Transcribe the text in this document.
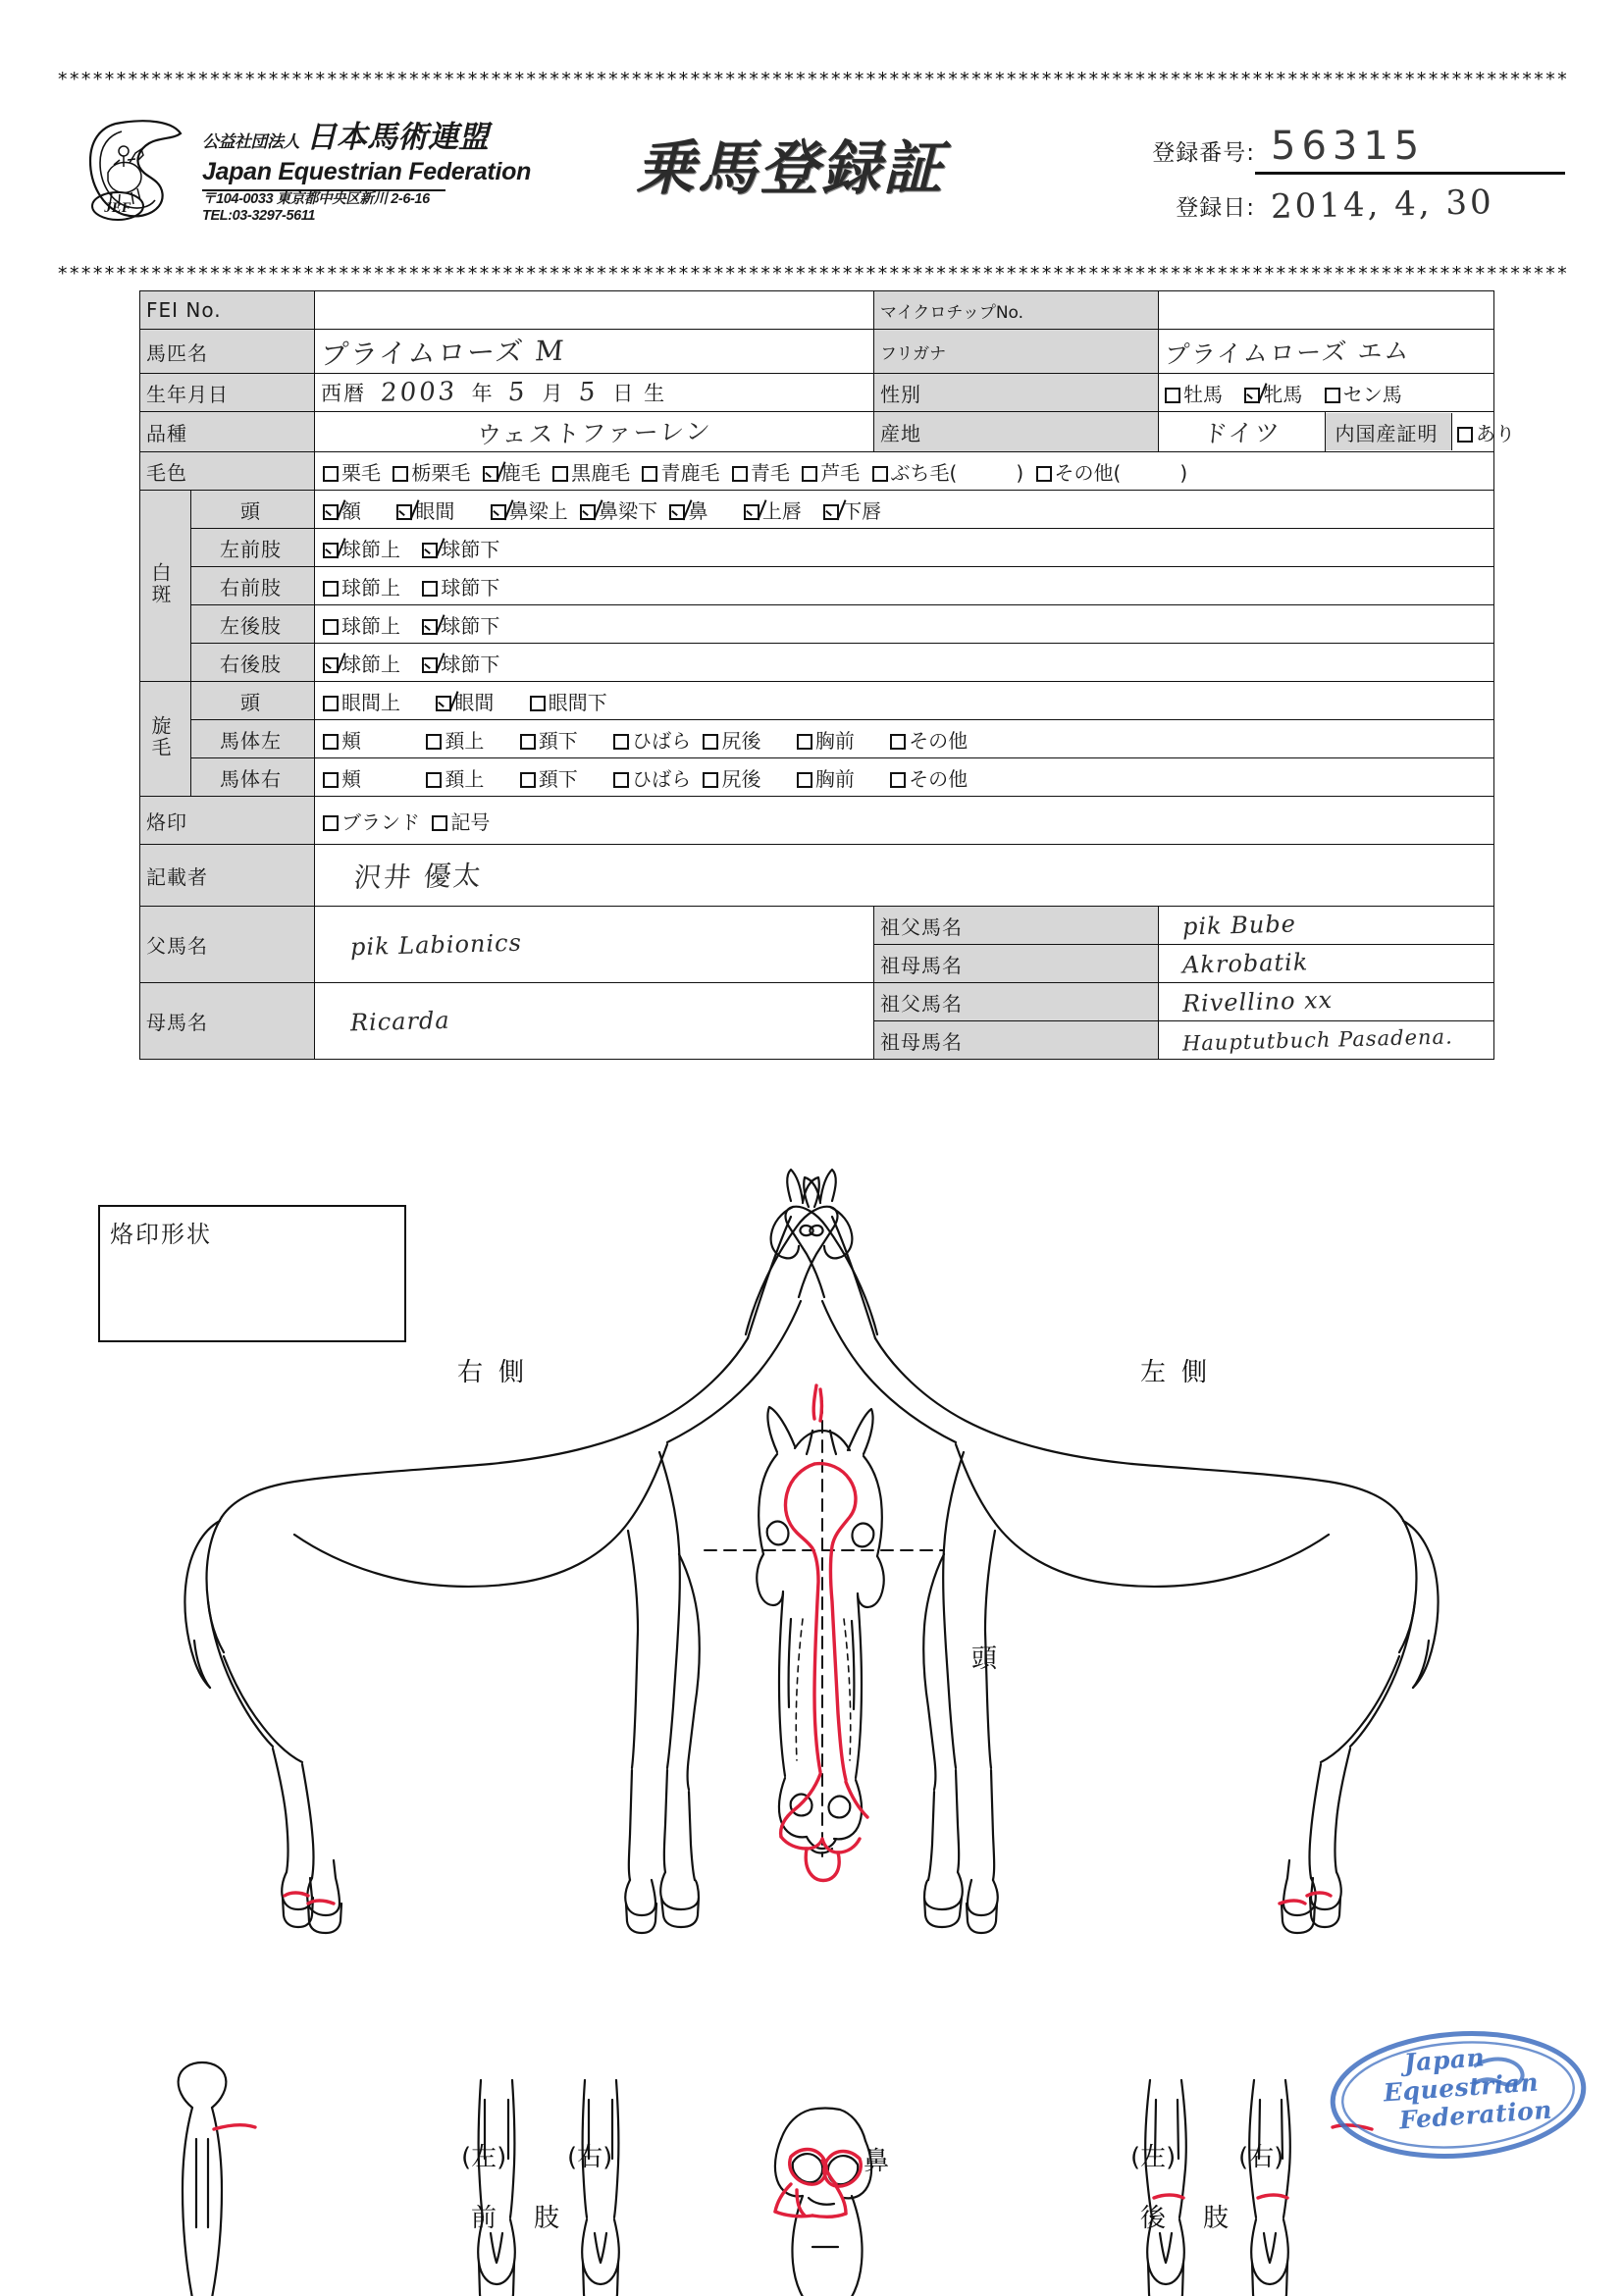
*********************************************************************************************************************************
JEF
公益社団法人 日本馬術連盟
Japan Equestrian Federation
〒104-0033 東京都中央区新川 2-6-16
TEL:03-3297-5611
乗馬登録証	登録番号: 56315
登録日: 2014, 4, 30
*********************************************************************************************************************************
FEI No.		マイクロチップNo.	
馬匹名	プライムローズ M	フリガナ	プライムローズ エム
生年月日	西暦 2003 年 5 月 5 日 生	性別	牡馬 牝馬 セン馬
品種	ウェストファーレン	産地	ドイツ		内国産証明	あり

毛色	栗毛 栃栗毛 鹿毛 黒鹿毛 青鹿毛 青毛 芦毛 ぶち毛(　　　) その他(　　　)
白斑	頭	額	眼間	鼻梁上 鼻梁下 鼻	上唇 下唇
左前肢	球節上 球節下
右前肢	球節上 球節下
左後肢	球節上 球節下
右後肢	球節上 球節下
旋毛	頭	眼間上	眼間	眼間下
馬体左	頬	頚上	頚下	ひばら 尻後	胸前	その他
馬体右	頬	頚上	頚下	ひばら 尻後	胸前	その他
烙印	ブランド 記号
記載者	沢井 優太
父馬名	pik Labionics	祖父馬名	pik Bube
祖母馬名	Akrobatik
母馬名	Ricarda	祖父馬名	Rivellino xx
祖母馬名	Hauptutbuch Pasadena.
烙印形状
右側	左側
頭
鼻
(左) (右)
前肢
(左) (右)
後肢
Japan
Equestrian
Federation
